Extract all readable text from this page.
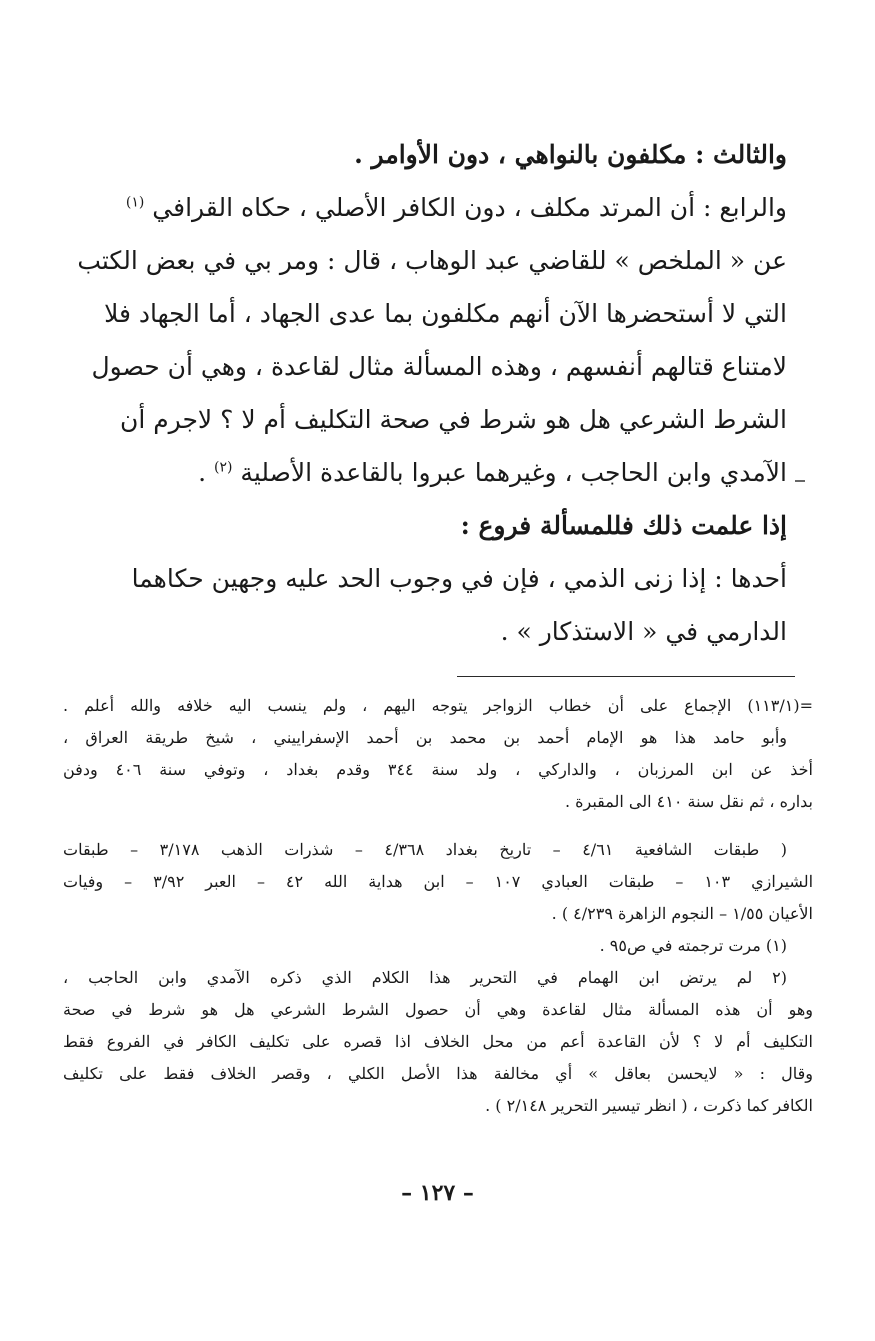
والثالث : مكلفون بالنواهي ، دون الأوامر .
والرابع : أن المرتد مكلف ، دون الكافر الأصلي ، حكاه القرافي $^{(١)}$
عن « الملخص » للقاضي عبد الوهاب ، قال : ومر بي في بعض الكتب
التي لا أستحضرها الآن أنهم مكلفون بما عدى الجهاد ، أما الجهاد فلا
لامتناع قتالهم أنفسهم ، وهذه المسألة مثال لقاعدة ، وهي أن حصول
الشرط الشرعي هل هو شرط في صحة التكليف أم لا ؟ لاجرم أن
الآمدي وابن الحاجب ، وغيرهما عبروا بالقاعدة الأصلية $^{(٢)}$ .
إذا علمت ذلك فللمسألة فروع :
أحدها : إذا زنى الذمي ، فإن في وجوب الحد عليه وجهين حكاهما
الدارمي في « الاستذكار » .
=(١١٣/١) الإجماع على أن خطاب الزواجر يتوجه اليهم ، ولم ينسب اليه خلافه والله أعلم .
وأبو حامد هذا هو الإمام أحمد بن محمد بن أحمد الإسفراييني ، شيخ طريقة العراق ،
أخذ عن ابن المرزبان ، والداركي ، ولد سنة ٣٤٤ وقدم بغداد ، وتوفي سنة ٤٠٦ ودفن
بداره ، ثم نقل سنة ٤١٠ الى المقبرة .
( طبقات الشافعية ٤/٦١ – تاريخ بغداد ٤/٣٦٨ – شذرات الذهب ٣/١٧٨ – طبقات
الشيرازي ١٠٣ – طبقات العبادي ١٠٧ – ابن هداية الله ٤٢ – العبر ٣/٩٢ – وفيات
الأعيان ١/٥٥ – النجوم الزاهرة ٤/٢٣٩ ) .
(١) مرت ترجمته في ص٩٥ .
(٢ لم يرتض ابن الهمام في التحرير هذا الكلام الذي ذكره الآمدي وابن الحاجب ،
وهو أن هذه المسألة مثال لقاعدة وهي أن حصول الشرط الشرعي هل هو شرط في صحة
التكليف أم لا ؟ لأن القاعدة أعم من محل الخلاف اذا قصره على تكليف الكافر في الفروع فقط
وقال : « لايحسن بعاقل » أي مخالفة هذا الأصل الكلي ، وقصر الخلاف فقط على تكليف
الكافر كما ذكرت ، ( انظر تيسير التحرير ٢/١٤٨ ) .
– ١٢٧ –
